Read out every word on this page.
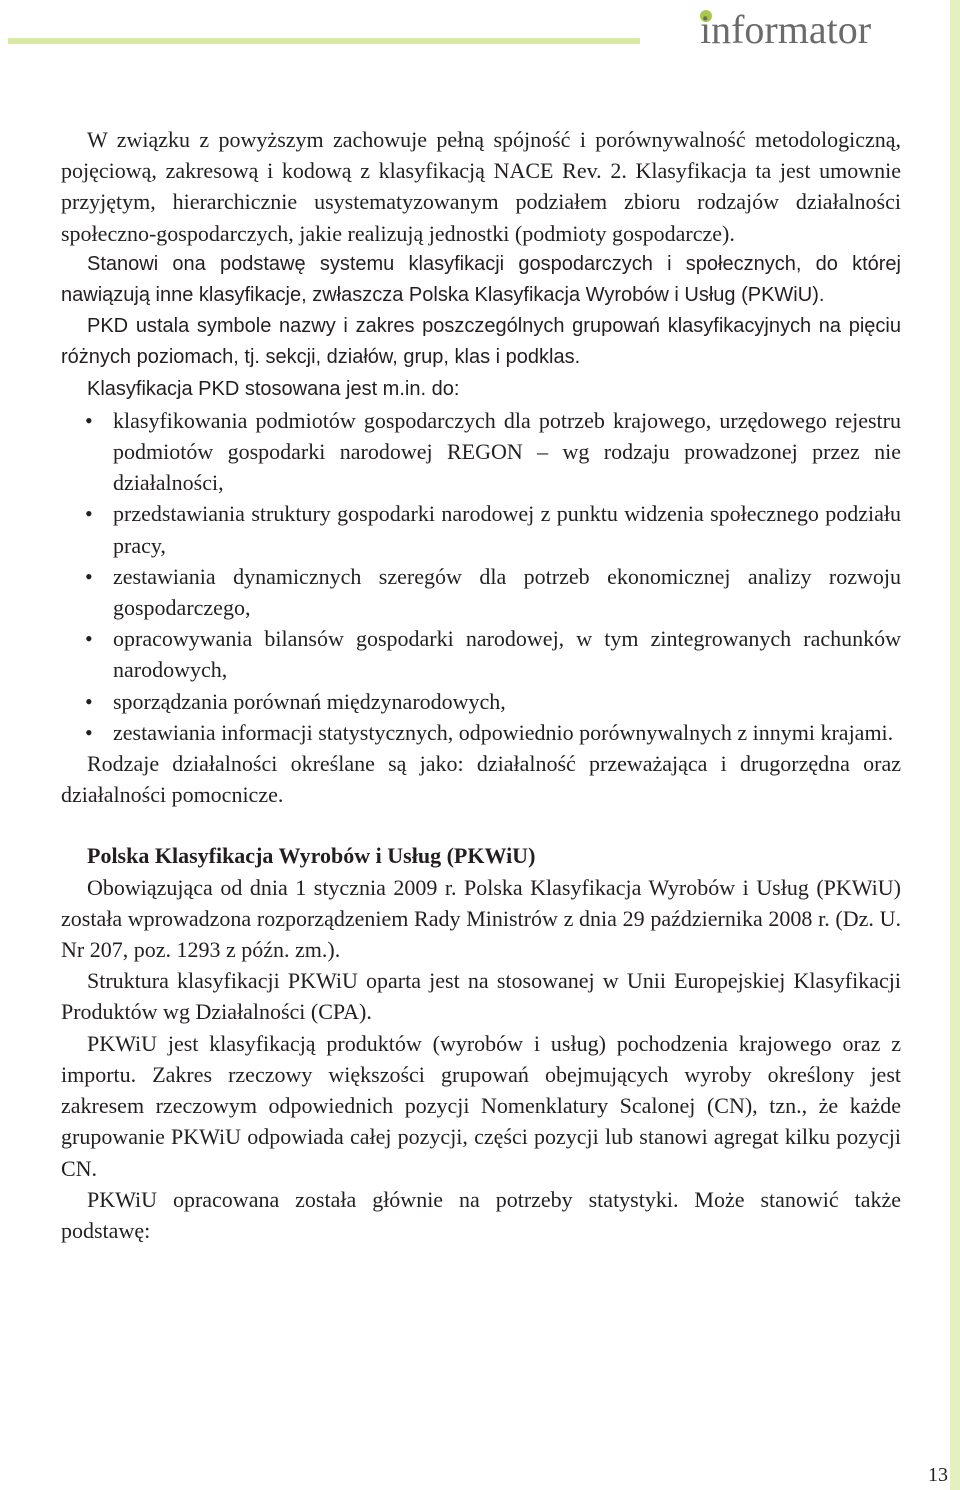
informator

W związku z powyższym zachowuje pełną spójność i porównywalność metodologiczną, pojęciową, zakresową i kodową z klasyfikacją NACE Rev. 2. Klasyfikacja ta jest umownie przyjętym, hierarchicznie usystematyzowanym podziałem zbioru rodzajów działalności społeczno-gospodarczych, jakie realizują jednostki (podmioty gospodarcze).

Stanowi ona podstawę systemu klasyfikacji gospodarczych i społecznych, do której nawiązują inne klasyfikacje, zwłaszcza Polska Klasyfikacja Wyrobów i Usług (PKWiU).

PKD ustala symbole nazwy i zakres poszczególnych grupowań klasyfikacyjnych na pięciu różnych poziomach, tj. sekcji, działów, grup, klas i podklas.

Klasyfikacja PKD stosowana jest m.in. do:

• klasyfikowania podmiotów gospodarczych dla potrzeb krajowego, urzędowego rejestru podmiotów gospodarki narodowej REGON – wg rodzaju prowadzonej przez nie działalności,
• przedstawiania struktury gospodarki narodowej z punktu widzenia społecznego podziału pracy,
• zestawiania dynamicznych szeregów dla potrzeb ekonomicznej analizy rozwoju gospodarczego,
• opracowywania bilansów gospodarki narodowej, w tym zintegrowanych rachunków narodowych,
• sporządzania porównań międzynarodowych,
• zestawiania informacji statystycznych, odpowiednio porównywalnych z innymi krajami.

Rodzaje działalności określane są jako: działalność przeważająca i drugorzędna oraz działalności pomocnicze.

Polska Klasyfikacja Wyrobów i Usług (PKWiU)

Obowiązująca od dnia 1 stycznia 2009 r. Polska Klasyfikacja Wyrobów i Usług (PKWiU) została wprowadzona rozporządzeniem Rady Ministrów z dnia 29 października 2008 r. (Dz. U. Nr 207, poz. 1293 z późn. zm.).

Struktura klasyfikacji PKWiU oparta jest na stosowanej w Unii Europejskiej Klasyfikacji Produktów wg Działalności (CPA).

PKWiU jest klasyfikacją produktów (wyrobów i usług) pochodzenia krajowego oraz z importu. Zakres rzeczowy większości grupowań obejmujących wyroby określony jest zakresem rzeczowym odpowiednich pozycji Nomenklatury Scalonej (CN), tzn., że każde grupowanie PKWiU odpowiada całej pozycji, części pozycji lub stanowi agregat kilku pozycji CN.

PKWiU opracowana została głównie na potrzeby statystyki. Może stanowić także podstawę:

13
